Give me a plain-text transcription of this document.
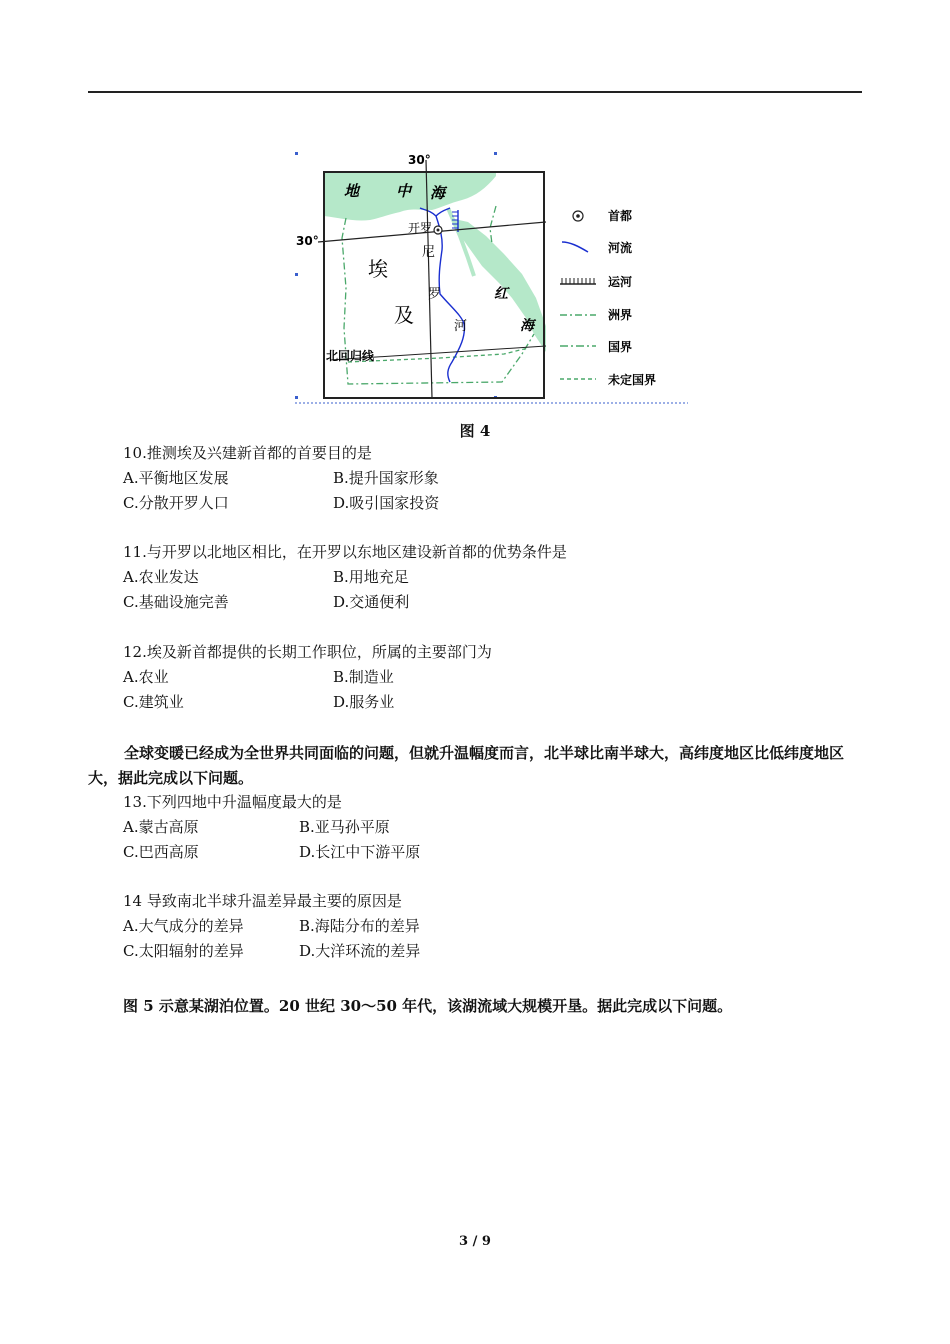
30°
30°
地 中 海
红
海
埃
及
开罗
尼
罗
河
北回归线
首都
河流
运河
洲界
国界
未定国界
图 4
10.推测埃及兴建新首都的首要目的是
A.平衡地区发展	B.提升国家形象
C.分散开罗人口	D.吸引国家投资
11.与开罗以北地区相比，在开罗以东地区建设新首都的优势条件是
A.农业发达	B.用地充足
C.基础设施完善	D.交通便利
12.埃及新首都提供的长期工作职位，所属的主要部门为
A.农业	B.制造业
C.建筑业	D.服务业
全球变暖已经成为全世界共同面临的问题，但就升温幅度而言，北半球比南半球大，高纬度地区比低纬度地区大，据此完成以下问题。
13.下列四地中升温幅度最大的是
A.蒙古高原	B.亚马孙平原
C.巴西高原	D.长江中下游平原
14 导致南北半球升温差异最主要的原因是
A.大气成分的差异	B.海陆分布的差异
C.太阳辐射的差异	D.大洋环流的差异
图 5 示意某湖泊位置。20 世纪 30～50 年代，该湖流域大规模开垦。据此完成以下问题。
3 / 9
